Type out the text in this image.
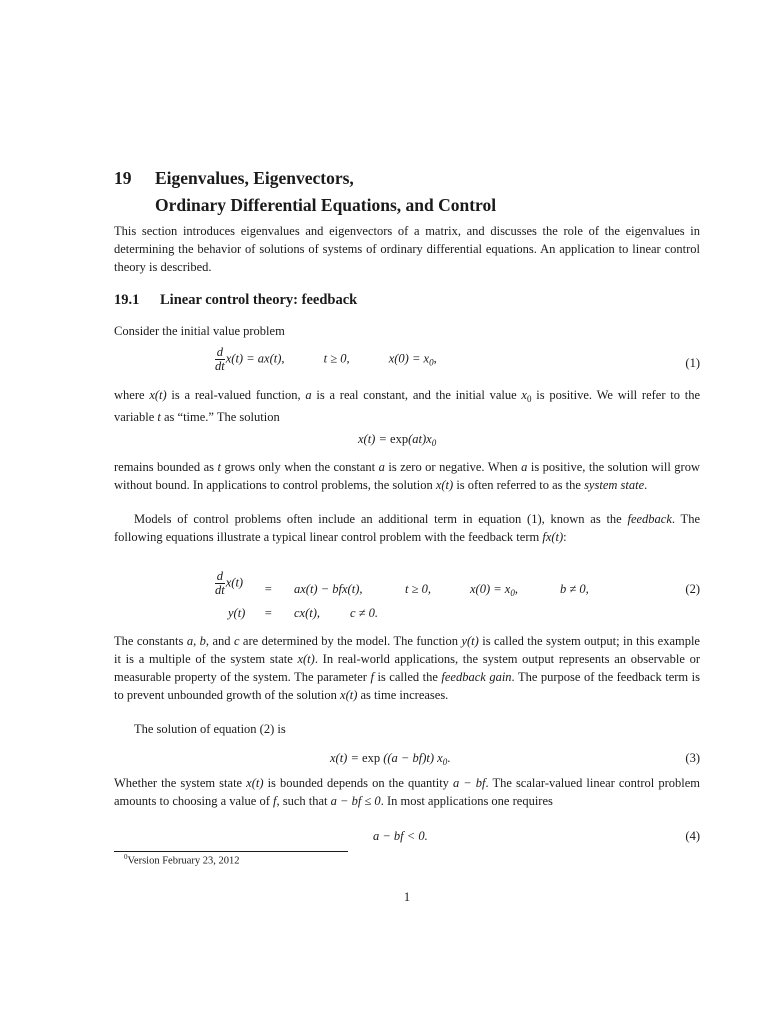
19 Eigenvalues, Eigenvectors,
Ordinary Differential Equations, and Control
This section introduces eigenvalues and eigenvectors of a matrix, and discusses the role of the eigenvalues in determining the behavior of solutions of systems of ordinary differential equations. An application to linear control theory is described.
19.1 Linear control theory: feedback
Consider the initial value problem
$\frac{d}{dt} x(t) = ax(t)$,	t ≥ 0,	$x(0) = x_0$,	(1)
where x(t) is a real-valued function, a is a real constant, and the initial value $x_0$ is positive. We will refer to the variable t as “time.” The solution
$x(t) = \exp(at)x_0$
remains bounded as t grows only when the constant a is zero or negative. When a is positive, the solution will grow without bound. In applications to control problems, the solution x(t) is often referred to as the system state.
Models of control problems often include an additional term in equation (1), known as the feedback. The following equations illustrate a typical linear control problem with the feedback term fx(t):
$\frac{d}{dt} x(t) = ax(t) - bfx(t)$,	t ≥ 0,	$x(0) = x_0$,	b ≠ 0,	(2)
y(t) = cx(t), c ≠ 0.
The constants a, b, and c are determined by the model. The function y(t) is called the system output; in this example it is a multiple of the system state x(t). In real-world applications, the system output represents an observable or measurable property of the system. The parameter f is called the feedback gain. The purpose of the feedback term is to prevent unbounded growth of the solution x(t) as time increases.
The solution of equation (2) is
x(t) = exp ((a − bf)t) $x_0$.	(3)
Whether the system state x(t) is bounded depends on the quantity a − bf. The scalar-valued linear control problem amounts to choosing a value of f, such that a − bf ≤ 0. In most applications one requires
a − bf < 0.	(4)
$^0$Version February 23, 2012
1
